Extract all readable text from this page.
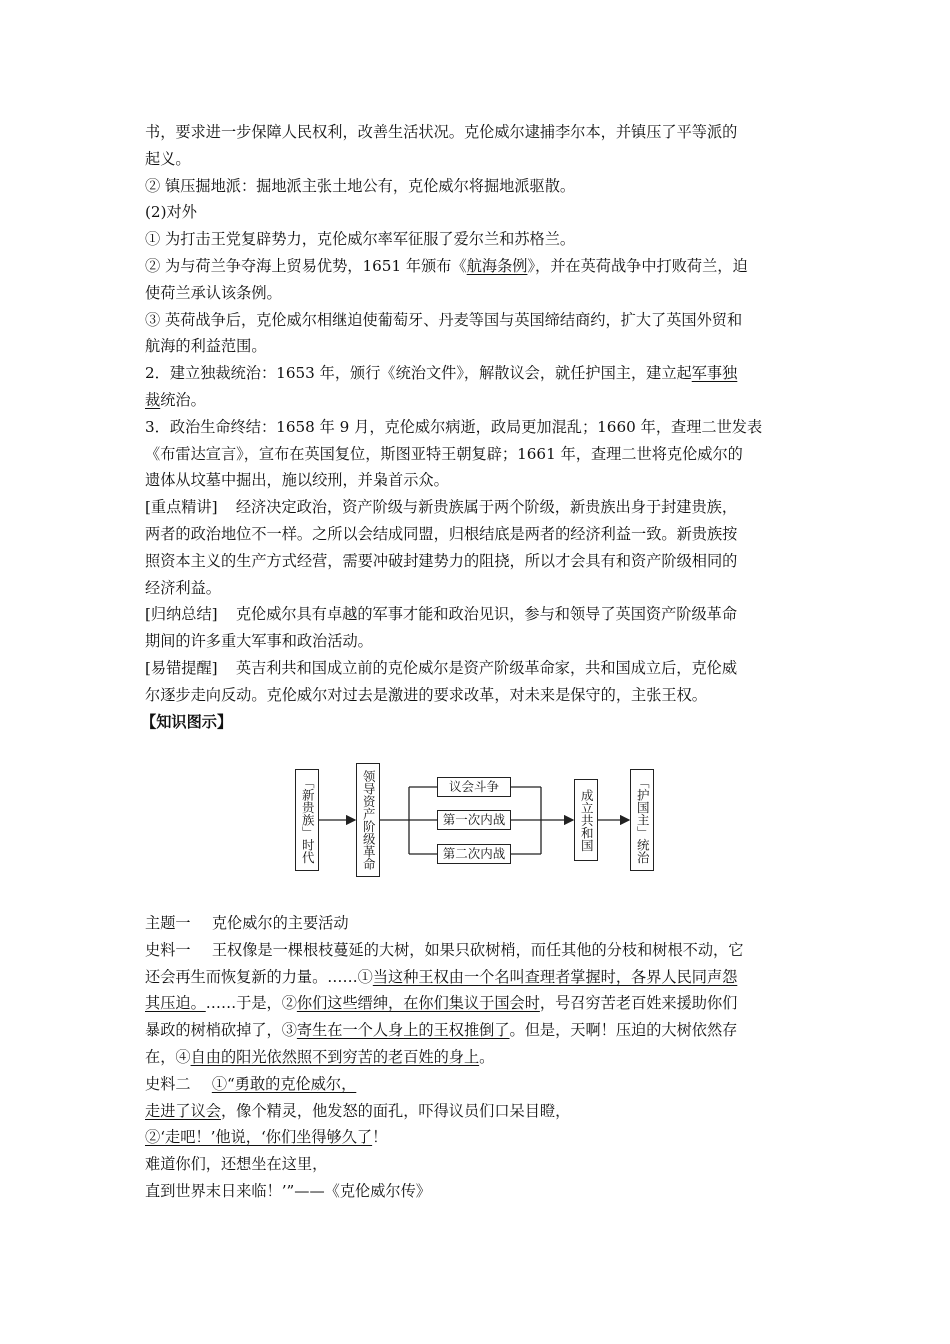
书，要求进一步保障人民权利，改善生活状况。克伦威尔逮捕李尔本，并镇压了平等派的
起义。
② 镇压掘地派：掘地派主张土地公有，克伦威尔将掘地派驱散。
(2)对外
① 为打击王党复辟势力，克伦威尔率军征服了爱尔兰和苏格兰。
② 为与荷兰争夺海上贸易优势，1651 年颁布《航海条例》，并在英荷战争中打败荷兰，迫
使荷兰承认该条例。
③ 英荷战争后，克伦威尔相继迫使葡萄牙、丹麦等国与英国缔结商约，扩大了英国外贸和
航海的利益范围。
2．建立独裁统治：1653 年，颁行《统治文件》，解散议会，就任护国主，建立起军事独
裁统治。
3．政治生命终结：1658 年 9 月，克伦威尔病逝，政局更加混乱；1660 年，查理二世发表
《布雷达宣言》，宣布在英国复位，斯图亚特王朝复辟；1661 年，查理二世将克伦威尔的
遗体从坟墓中掘出，施以绞刑，并枭首示众。
[重点精讲] 经济决定政治，资产阶级与新贵族属于两个阶级，新贵族出身于封建贵族，
两者的政治地位不一样。之所以会结成同盟，归根结底是两者的经济利益一致。新贵族按
照资本主义的生产方式经营，需要冲破封建势力的阻挠，所以才会具有和资产阶级相同的
经济利益。
[归纳总结] 克伦威尔具有卓越的军事才能和政治见识，参与和领导了英国资产阶级革命
期间的许多重大军事和政治活动。
[易错提醒] 英吉利共和国成立前的克伦威尔是资产阶级革命家，共和国成立后，克伦威
尔逐步走向反动。克伦威尔对过去是激进的要求改革，对未来是保守的，主张王权。
【知识图示】
「新贵族」时代	领导资产阶级革命	议会斗争
第一次内战
第二次内战
成立共和国	「护国主」统治
主题一 克伦威尔的主要活动
史料一 王权像是一棵根枝蔓延的大树，如果只砍树梢，而任其他的分枝和树根不动，它
还会再生而恢复新的力量。……①当这种王权由一个名叫查理者掌握时，各界人民同声怨
其压迫。……于是，②你们这些缙绅，在你们集议于国会时，号召穷苦老百姓来援助你们
暴政的树梢砍掉了，③寄生在一个人身上的王权推倒了。但是，天啊！压迫的大树依然存
在，④自由的阳光依然照不到穷苦的老百姓的身上。
史料二 ①“勇敢的克伦威尔，
走进了议会，像个精灵，他发怒的面孔，吓得议员们口呆目瞪，
②‘走吧！’他说，‘你们坐得够久了！
难道你们，还想坐在这里，
直到世界末日来临！’”——《克伦威尔传》
